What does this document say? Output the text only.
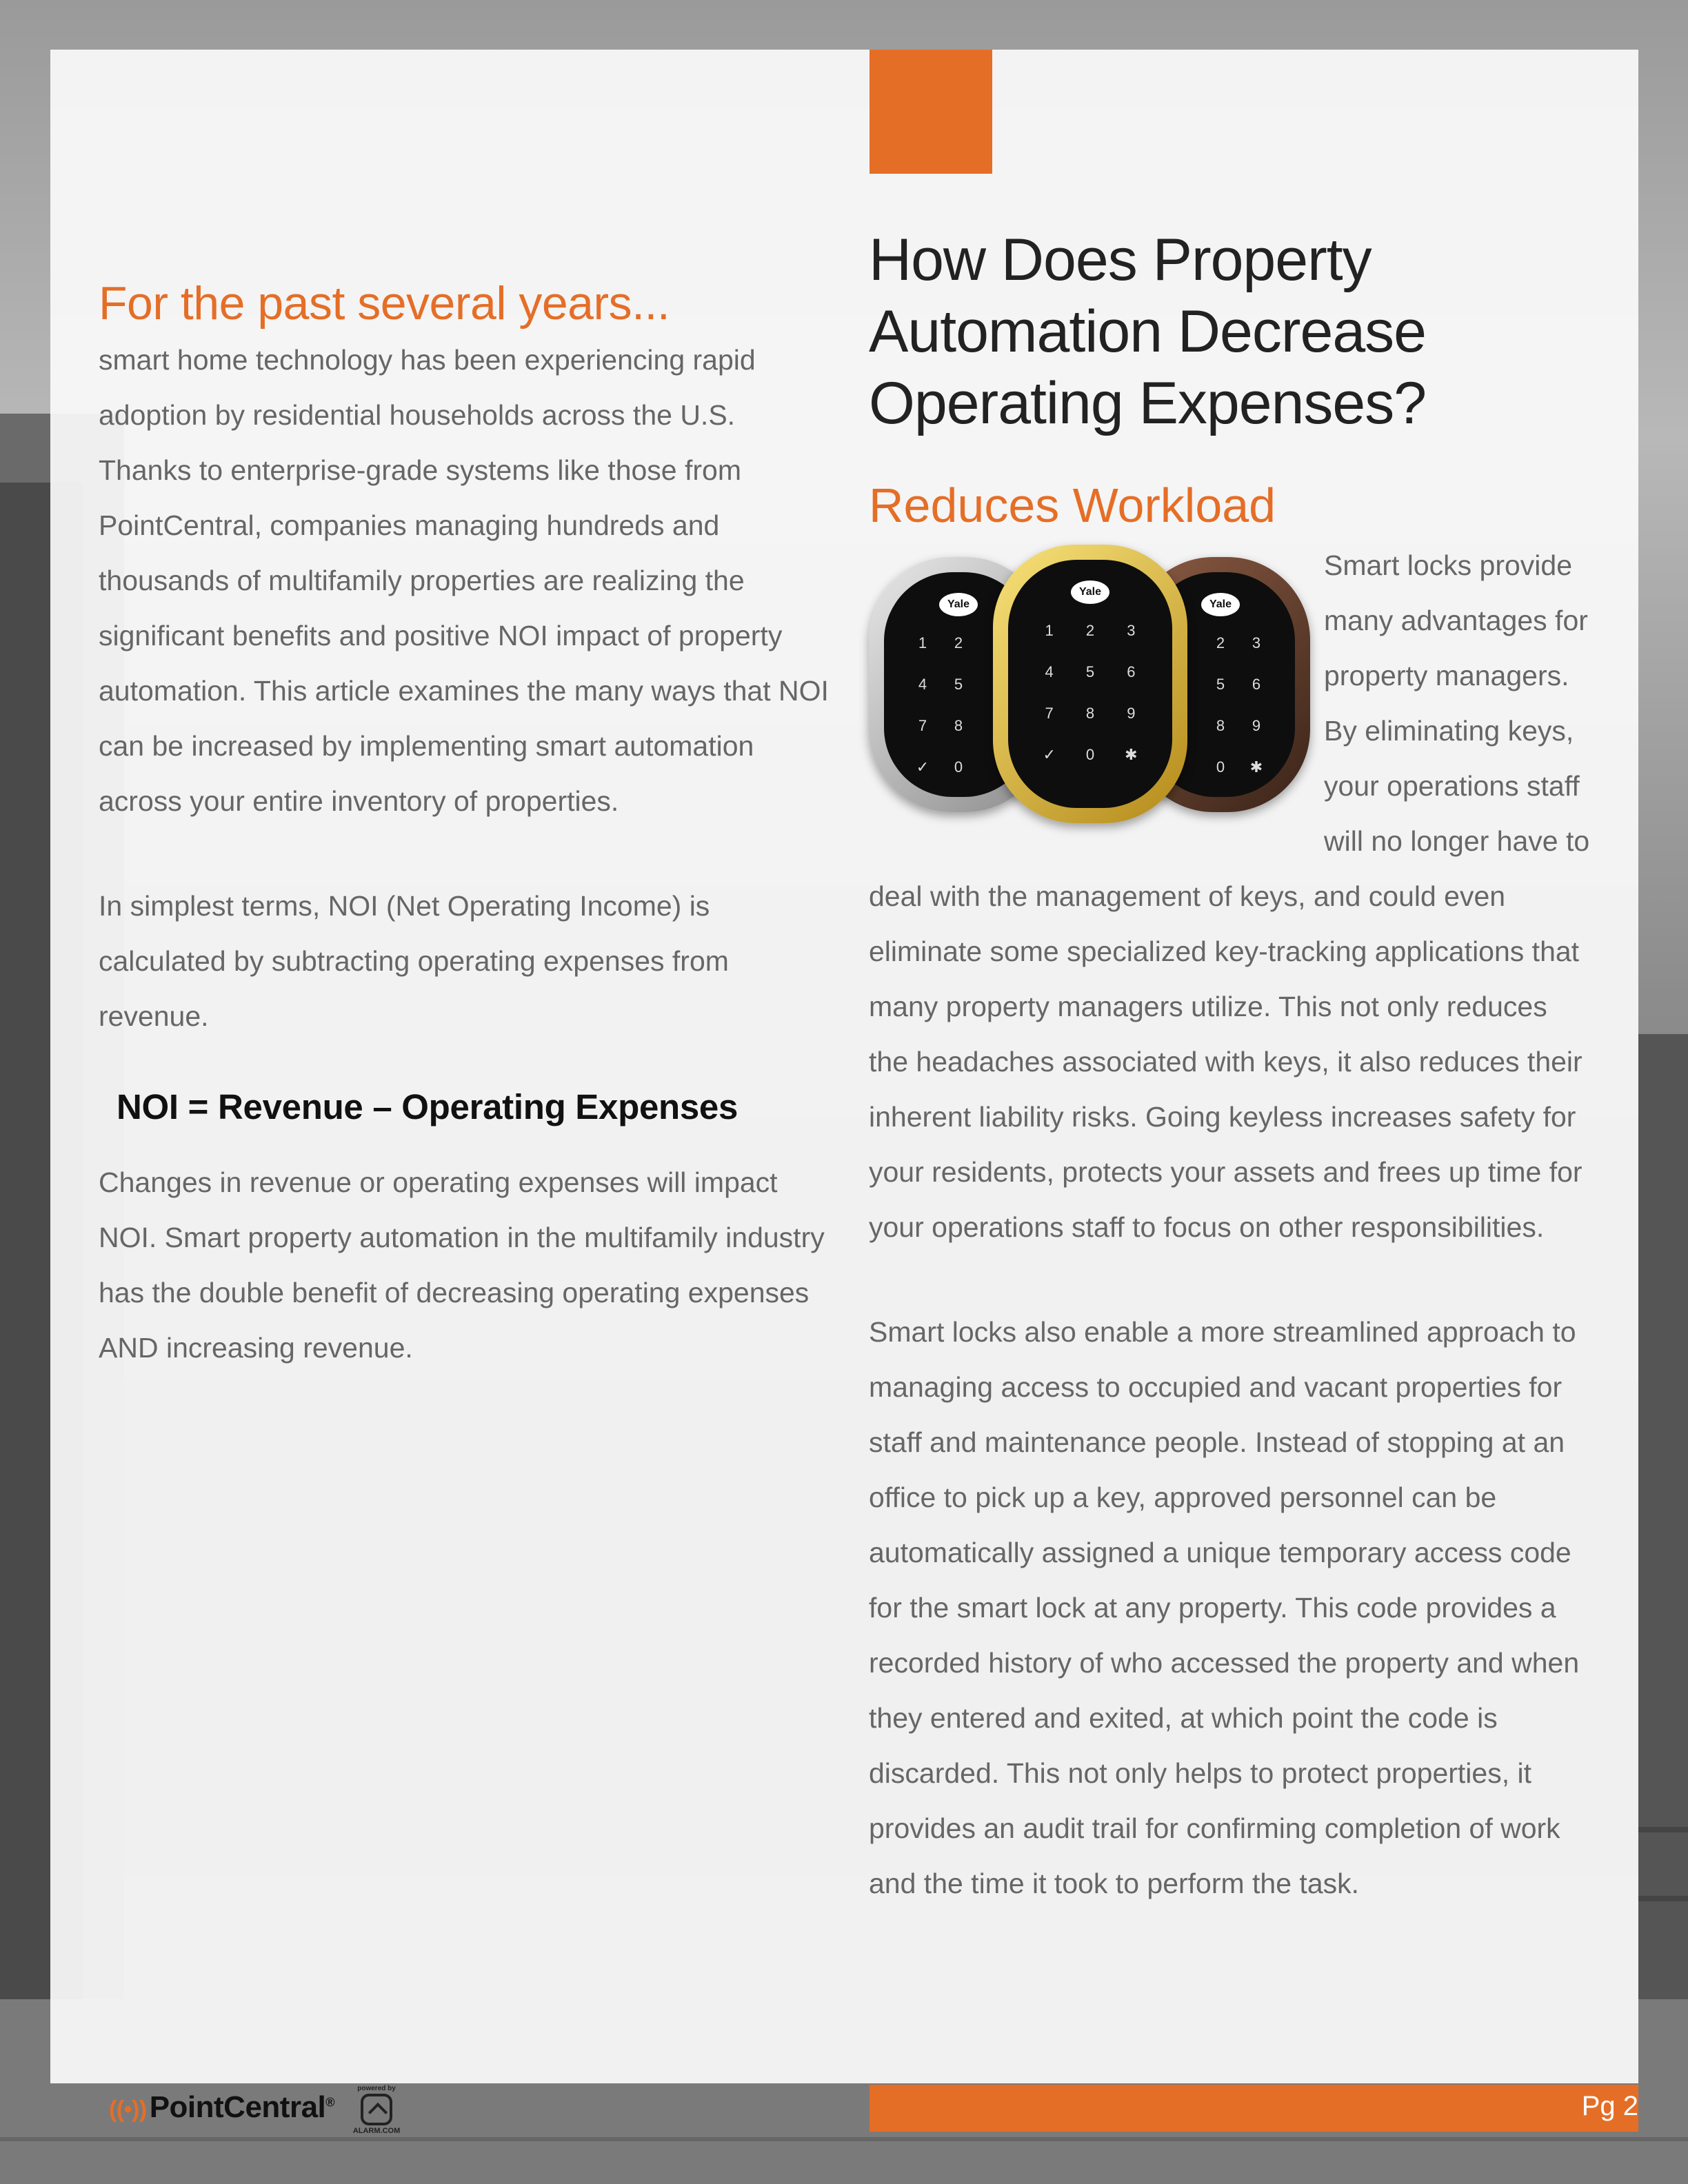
For the past several years...

smart home technology has been experiencing rapid adoption by residential households across the U.S. Thanks to enterprise-grade systems like those from PointCentral, companies managing hundreds and thousands of multifamily properties are realizing the significant benefits and positive NOI impact of property automation. This article examines the many ways that NOI can be increased by implementing smart automation across your entire inventory of properties.

In simplest terms, NOI (Net Operating Income) is calculated by subtracting operating expenses from revenue.

NOI = Revenue – Operating Expenses

Changes in revenue or operating expenses will impact NOI. Smart property automation in the multifamily industry has the double benefit of decreasing operating expenses AND increasing revenue.

How Does Property Automation Decrease Operating Expenses?
Reduces Workload
Yale
1	2
4	5
7	8
✓	0
Yale
2	3
5	6
8	9
0	✱
Yale
1	2	3
4	5	6
7	8	9
✓	0	✱

Smart locks provide many advantages for property managers. By eliminating keys, your operations staff will no longer have to deal with the management of keys, and could even eliminate some specialized key-tracking applications that many property managers utilize. This not only reduces the headaches associated with keys, it also reduces their inherent liability risks. Going keyless increases safety for your residents, protects your assets and frees up time for your operations staff to focus on other responsibilities.

Smart locks also enable a more streamlined approach to managing access to occupied and vacant properties for staff and maintenance people. Instead of stopping at an office to pick up a key, approved personnel can be automatically assigned a unique temporary access code for the smart lock at any property. This code provides a recorded history of who accessed the property and when they entered and exited, at which point the code is discarded. This not only helps to protect properties, it provides an audit trail for confirming completion of work and the time it took to perform the task.

((•))PointCentral®
powered by
ALARM.COM
Pg 2
